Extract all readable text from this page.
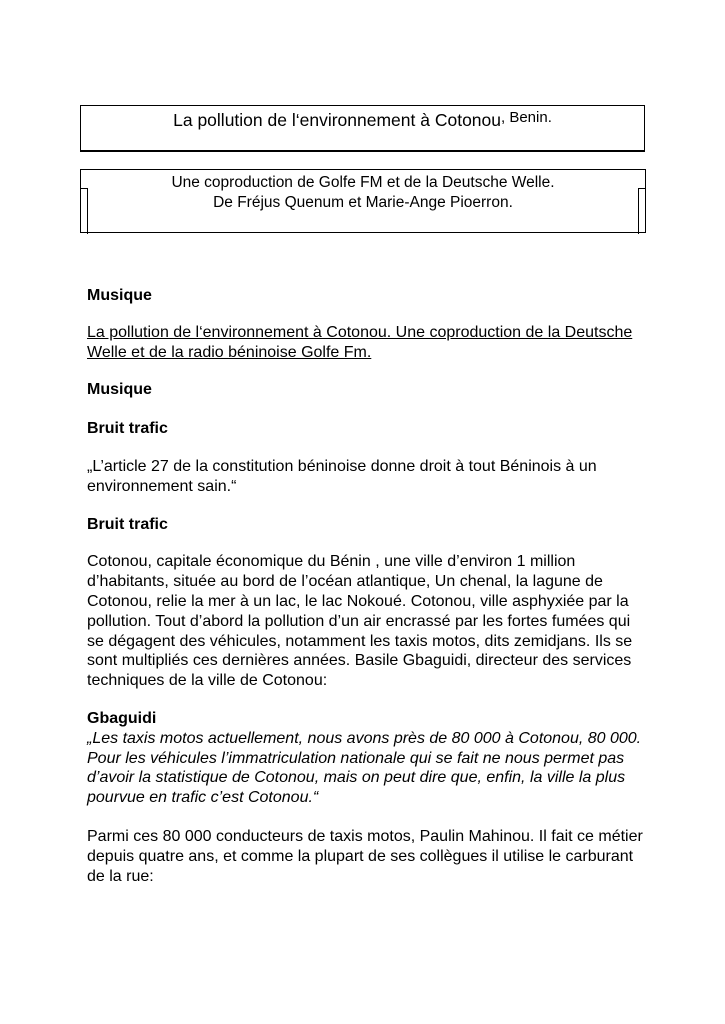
La pollution de l‘environnement à Cotonou, Benin.
Une coproduction de Golfe FM et de la Deutsche Welle.
De Fréjus Quenum et Marie-Ange Pioerron.

Musique

La pollution de l‘environnement à Cotonou. Une coproduction de la Deutsche Welle et de la radio béninoise Golfe Fm.

Musique

Bruit trafic

„L’article 27 de la constitution béninoise donne droit à tout Béninois à un environnement sain.“

Bruit trafic

Cotonou, capitale économique du Bénin , une ville d’environ 1 million d’habitants, située au bord de l’océan atlantique, Un chenal, la lagune de Cotonou, relie la mer à un lac, le lac Nokoué. Cotonou, ville asphyxiée par la pollution. Tout d’abord la pollution d’un air encrassé par les fortes fumées qui se dégagent des véhicules, notamment les taxis motos, dits zemidjans. Ils se sont multipliés ces dernières années. Basile Gbaguidi, directeur des services techniques de la ville de Cotonou:

Gbaguidi

„Les taxis motos actuellement, nous avons près de 80 000 à Cotonou, 80 000. Pour les véhicules l’immatriculation nationale qui se fait ne nous permet pas d’avoir la statistique de Cotonou, mais on peut dire que, enfin, la ville la plus pourvue en trafic c’est Cotonou.“

Parmi ces 80 000 conducteurs de taxis motos, Paulin Mahinou. Il fait ce métier depuis quatre ans, et comme la plupart de ses collègues il utilise le carburant de la rue:
